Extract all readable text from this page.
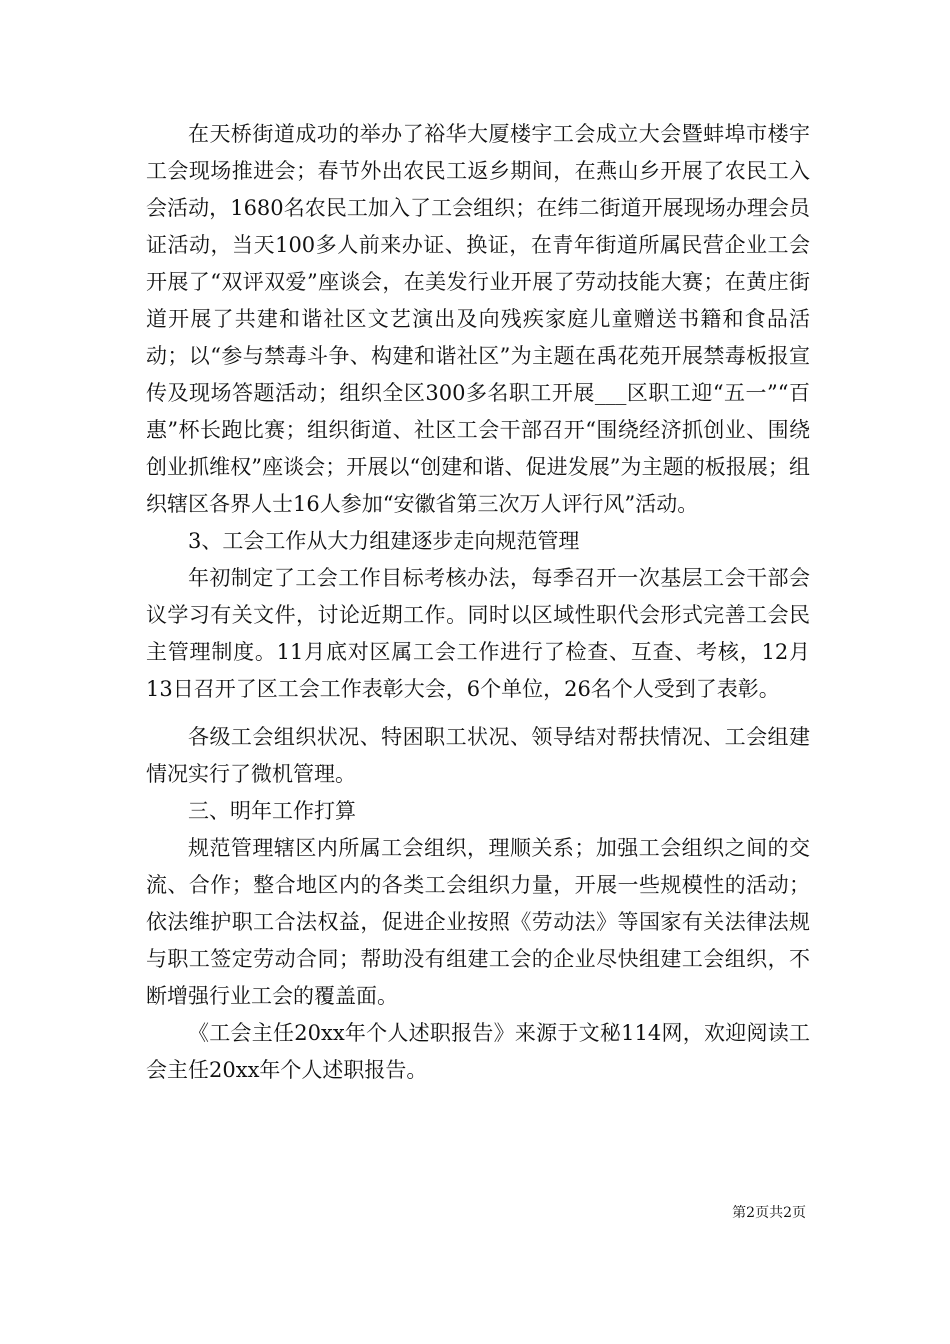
在天桥街道成功的举办了裕华大厦楼宇工会成立大会暨蚌埠市楼宇工会现场推进会；春节外出农民工返乡期间，在燕山乡开展了农民工入会活动，1680名农民工加入了工会组织；在纬二街道开展现场办理会员证活动，当天100多人前来办证、换证，在青年街道所属民营企业工会开展了“双评双爱”座谈会，在美发行业开展了劳动技能大赛；在黄庄街道开展了共建和谐社区文艺演出及向残疾家庭儿童赠送书籍和食品活动；以“参与禁毒斗争、构建和谐社区”为主题在禹花苑开展禁毒板报宣传及现场答题活动；组织全区300多名职工开展___区职工迎“五一”“百惠”杯长跑比赛；组织街道、社区工会干部召开“围绕经济抓创业、围绕创业抓维权”座谈会；开展以“创建和谐、促进发展”为主题的板报展；组织辖区各界人士16人参加“安徽省第三次万人评行风”活动。

3、工会工作从大力组建逐步走向规范管理

年初制定了工会工作目标考核办法，每季召开一次基层工会干部会议学习有关文件，讨论近期工作。同时以区域性职代会形式完善工会民主管理制度。11月底对区属工会工作进行了检查、互查、考核，12月13日召开了区工会工作表彰大会，6个单位，26名个人受到了表彰。

各级工会组织状况、特困职工状况、领导结对帮扶情况、工会组建情况实行了微机管理。

三、明年工作打算

规范管理辖区内所属工会组织，理顺关系；加强工会组织之间的交流、合作；整合地区内的各类工会组织力量，开展一些规模性的活动；依法维护职工合法权益，促进企业按照《劳动法》等国家有关法律法规与职工签定劳动合同；帮助没有组建工会的企业尽快组建工会组织，不断增强行业工会的覆盖面。

《工会主任20xx年个人述职报告》来源于文秘114网，欢迎阅读工会主任20xx年个人述职报告。

第2页共2页
